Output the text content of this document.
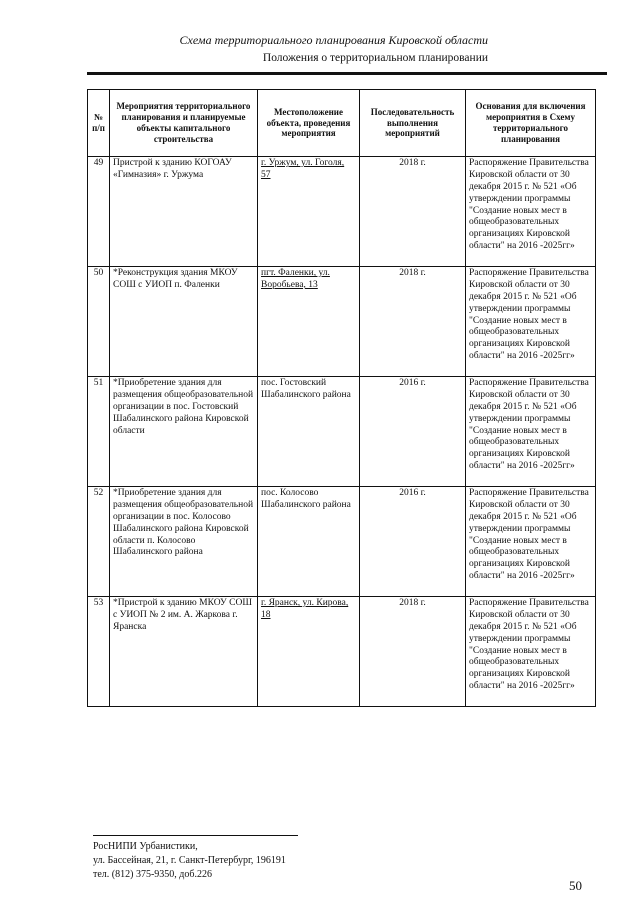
Схема территориального планирования Кировской области
Положения о территориальном планировании
№ п/п	Мероприятия территориального планирования и планируемые объекты капитального строительства	Местоположение объекта, проведения мероприятия	Последовательность выполнения мероприятий	Основания для включения мероприятия в Схему территориального планирования
49	Пристрой к зданию КОГОАУ «Гимназия» г. Уржума	г. Уржум, ул. Гоголя, 57	2018 г.	Распоряжение Правительства Кировской области от 30 декабря 2015 г. № 521 «Об утверждении программы "Создание новых мест в общеобразовательных организациях Кировской области" на 2016 -2025гг»
50	*Реконструкция здания МКОУ СОШ с УИОП п. Фаленки	пгт. Фаленки, ул. Воробьева, 13	2018 г.	Распоряжение Правительства Кировской области от 30 декабря 2015 г. № 521 «Об утверждении программы "Создание новых мест в общеобразовательных организациях Кировской области" на 2016 -2025гг»
51	*Приобретение здания для размещения общеобразовательной организации в пос. Гостовский Шабалинского района Кировской области	пос. Гостовский Шабалинского района	2016 г.	Распоряжение Правительства Кировской области от 30 декабря 2015 г. № 521 «Об утверждении программы "Создание новых мест в общеобразовательных организациях Кировской области" на 2016 -2025гг»
52	*Приобретение здания для размещения общеобразовательной организации в пос. Колосово Шабалинского района Кировской области п. Колосово Шабалинского района	пос. Колосово Шабалинского района	2016 г.	Распоряжение Правительства Кировской области от 30 декабря 2015 г. № 521 «Об утверждении программы "Создание новых мест в общеобразовательных организациях Кировской области" на 2016 -2025гг»
53	*Пристрой к зданию МКОУ СОШ с УИОП № 2 им. А. Жаркова г. Яранска	г. Яранск, ул. Кирова, 18	2018 г.	Распоряжение Правительства Кировской области от 30 декабря 2015 г. № 521 «Об утверждении программы "Создание новых мест в общеобразовательных организациях Кировской области" на 2016 -2025гг»
РосНИПИ Урбанистики,
ул. Бассейная, 21, г. Санкт-Петербург, 196191
тел. (812) 375-9350, доб.226
50
